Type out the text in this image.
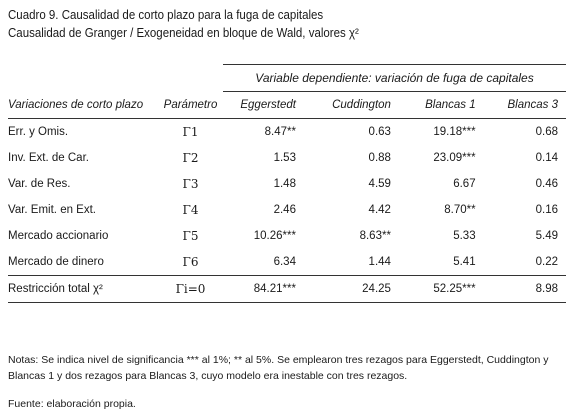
Cuadro 9. Causalidad de corto plazo para la fuga de capitales
Causalidad de Granger / Exogeneidad en bloque de Wald, valores χ²
		Variable dependiente: variación de fuga de capitales			
Variaciones de corto plazo	Parámetro	Eggerstedt	Cuddington	Blancas 1	Blancas 3
Err. y Omis.	Γ1	8.47**	0.63	19.18***	0.68
Inv. Ext. de Car.	Γ2	1.53	0.88	23.09***	0.14
Var. de Res.	Γ3	1.48	4.59	6.67	0.46
Var. Emit. en Ext.	Γ4	2.46	4.42	8.70**	0.16
Mercado accionario	Γ5	10.26***	8.63**	5.33	5.49
Mercado de dinero	Γ6	6.34	1.44	5.41	0.22
Restricción total χ²	Γi=0	84.21***	24.25	52.25***	8.98
Notas: Se indica nivel de significancia *** al 1%; ** al 5%. Se emplearon tres rezagos para Eggerstedt, Cuddington y Blancas 1 y dos rezagos para Blancas 3, cuyo modelo era inestable con tres rezagos.
Fuente: elaboración propia.
